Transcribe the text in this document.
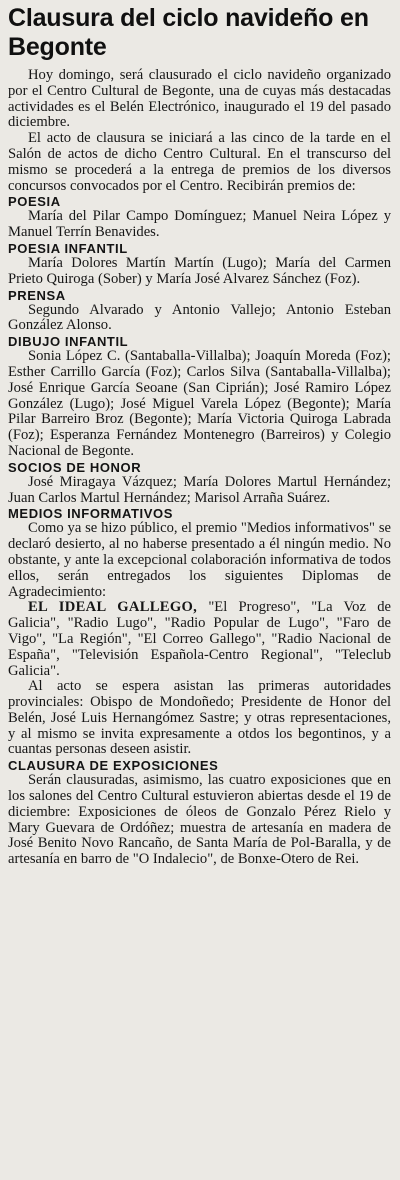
Clausura del ciclo navideño en Begonte

Hoy domingo, será clausurado el ciclo navideño organizado por el Centro Cultural de Begonte, una de cuyas más destacadas actividades es el Belén Electrónico, inaugurado el 19 del pasado diciembre.

El acto de clausura se iniciará a las cinco de la tarde en el Salón de actos de dicho Centro Cultural. En el transcurso del mismo se procederá a la entrega de premios de los diversos concursos convocados por el Centro. Recibirán premios de:

POESIA

María del Pilar Campo Domínguez; Manuel Neira López y Manuel Terrín Benavides.

POESIA INFANTIL

María Dolores Martín Martín (Lugo); María del Carmen Prieto Quiroga (Sober) y María José Alvarez Sánchez (Foz).

PRENSA

Segundo Alvarado y Antonio Vallejo; Antonio Esteban González Alonso.

DIBUJO INFANTIL

Sonia López C. (Santaballa-Villalba); Joaquín Moreda (Foz); Esther Carrillo García (Foz); Carlos Silva (Santaballa-Villalba); José Enrique García Seoane (San Ciprián); José Ramiro López González (Lugo); José Miguel Varela López (Begonte); María Pilar Barreiro Broz (Begonte); María Victoria Quiroga Labrada (Foz); Esperanza Fernández Montenegro (Barreiros) y Colegio Nacional de Begonte.

SOCIOS DE HONOR

José Miragaya Vázquez; María Dolores Martul Hernández; Juan Carlos Martul Hernández; Marisol Arraña Suárez.

MEDIOS INFORMATIVOS

Como ya se hizo público, el premio "Medios informativos" se declaró desierto, al no haberse presentado a él ningún medio. No obstante, y ante la excepcional colaboración informativa de todos ellos, serán entregados los siguientes Diplomas de Agradecimiento:

EL IDEAL GALLEGO, "El Progreso", "La Voz de Galicia", "Radio Lugo", "Radio Popular de Lugo", "Faro de Vigo", "La Región", "El Correo Gallego", "Radio Nacional de España", "Televisión Española-Centro Regional", "Teleclub Galicia".

Al acto se espera asistan las primeras autoridades provinciales: Obispo de Mondoñedo; Presidente de Honor del Belén, José Luis Hernangómez Sastre; y otras representaciones, y al mismo se invita expresamente a otdos los begontinos, y a cuantas personas deseen asistir.

CLAUSURA DE EXPOSICIONES

Serán clausuradas, asimismo, las cuatro exposiciones que en los salones del Centro Cultural estuvieron abiertas desde el 19 de diciembre: Exposiciones de óleos de Gonzalo Pérez Rielo y Mary Guevara de Ordóñez; muestra de artesanía en madera de José Benito Novo Rancaño, de Santa María de Pol-Baralla, y de artesanía en barro de "O Indalecio", de Bonxe-Otero de Rei.
